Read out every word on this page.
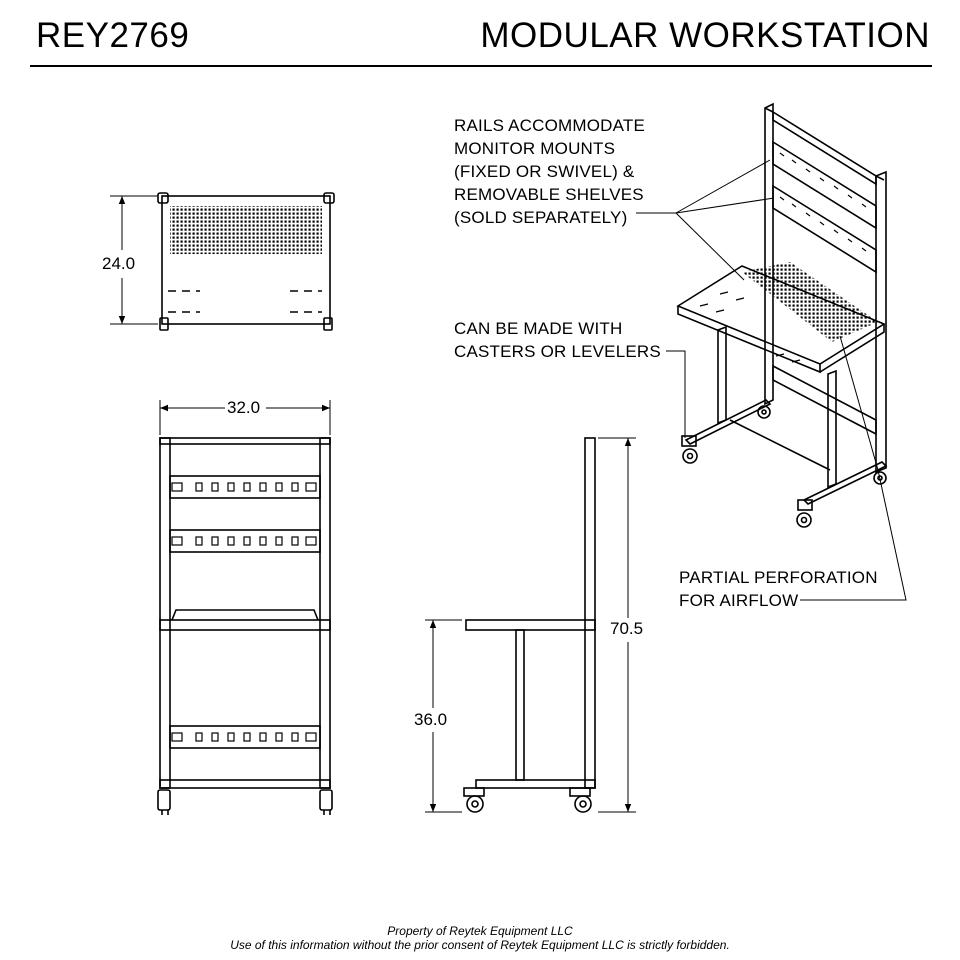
REY2769	MODULAR WORKSTATION
RAILS ACCOMMODATE
MONITOR MOUNTS
(FIXED OR SWIVEL) &
REMOVABLE SHELVES
(SOLD SEPARATELY)
CAN BE MADE WITH
CASTERS OR LEVELERS
PARTIAL PERFORATION
FOR AIRFLOW
24.0
32.0
70.5
36.0
Property of Reytek Equipment LLC
Use of this information without the prior consent of Reytek Equipment LLC is strictly forbidden.
